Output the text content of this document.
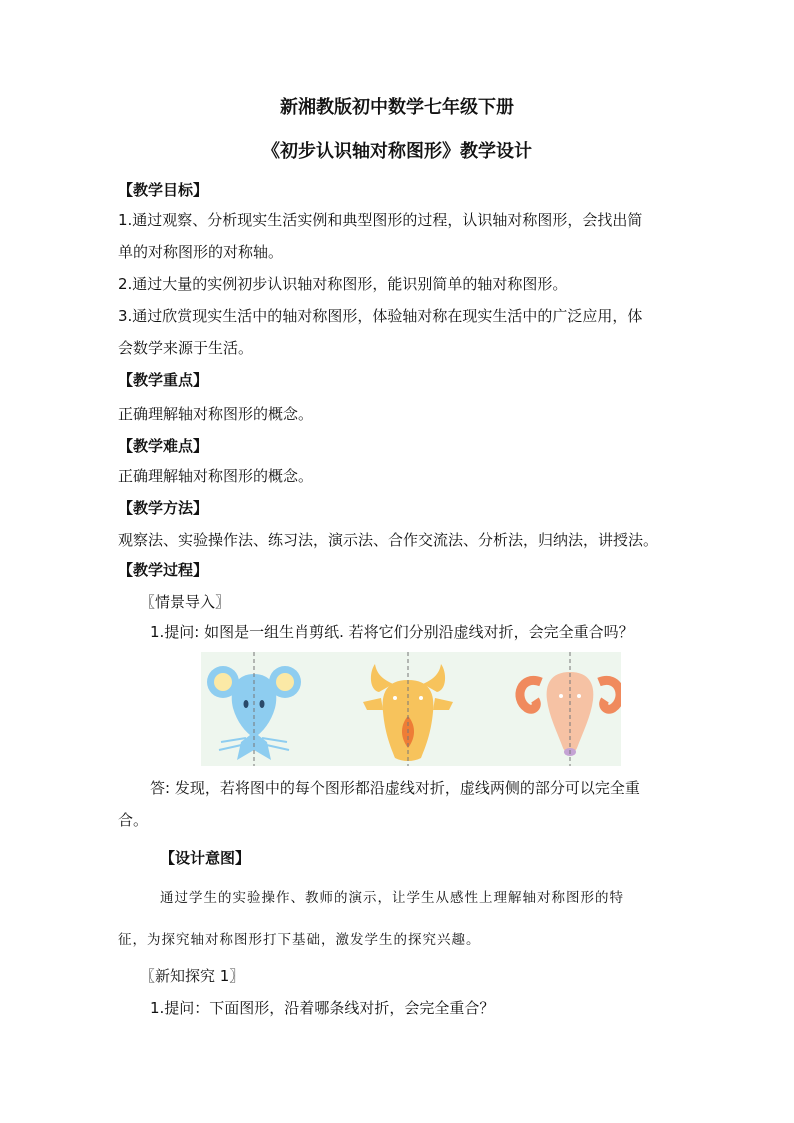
新湘教版初中数学七年级下册
《初步认识轴对称图形》教学设计
【教学目标】
1.通过观察、分析现实生活实例和典型图形的过程，认识轴对称图形，会找出简
单的对称图形的对称轴。
2.通过大量的实例初步认识轴对称图形，能识别简单的轴对称图形。
3.通过欣赏现实生活中的轴对称图形，体验轴对称在现实生活中的广泛应用，体
会数学来源于生活。
【教学重点】
正确理解轴对称图形的概念。
【教学难点】
正确理解轴对称图形的概念。
【教学方法】
观察法、实验操作法、练习法，演示法、合作交流法、分析法，归纳法，讲授法。
【教学过程】
〖情景导入〗
1.提问: 如图是一组生肖剪纸. 若将它们分别沿虚线对折，会完全重合吗？
答: 发现，若将图中的每个图形都沿虚线对折，虚线两侧的部分可以完全重
合。
【设计意图】
通过学生的实验操作、教师的演示，让学生从感性上理解轴对称图形的特
征，为探究轴对称图形打下基础，激发学生的探究兴趣。
〖新知探究 1〗
1.提问：下面图形，沿着哪条线对折，会完全重合？
